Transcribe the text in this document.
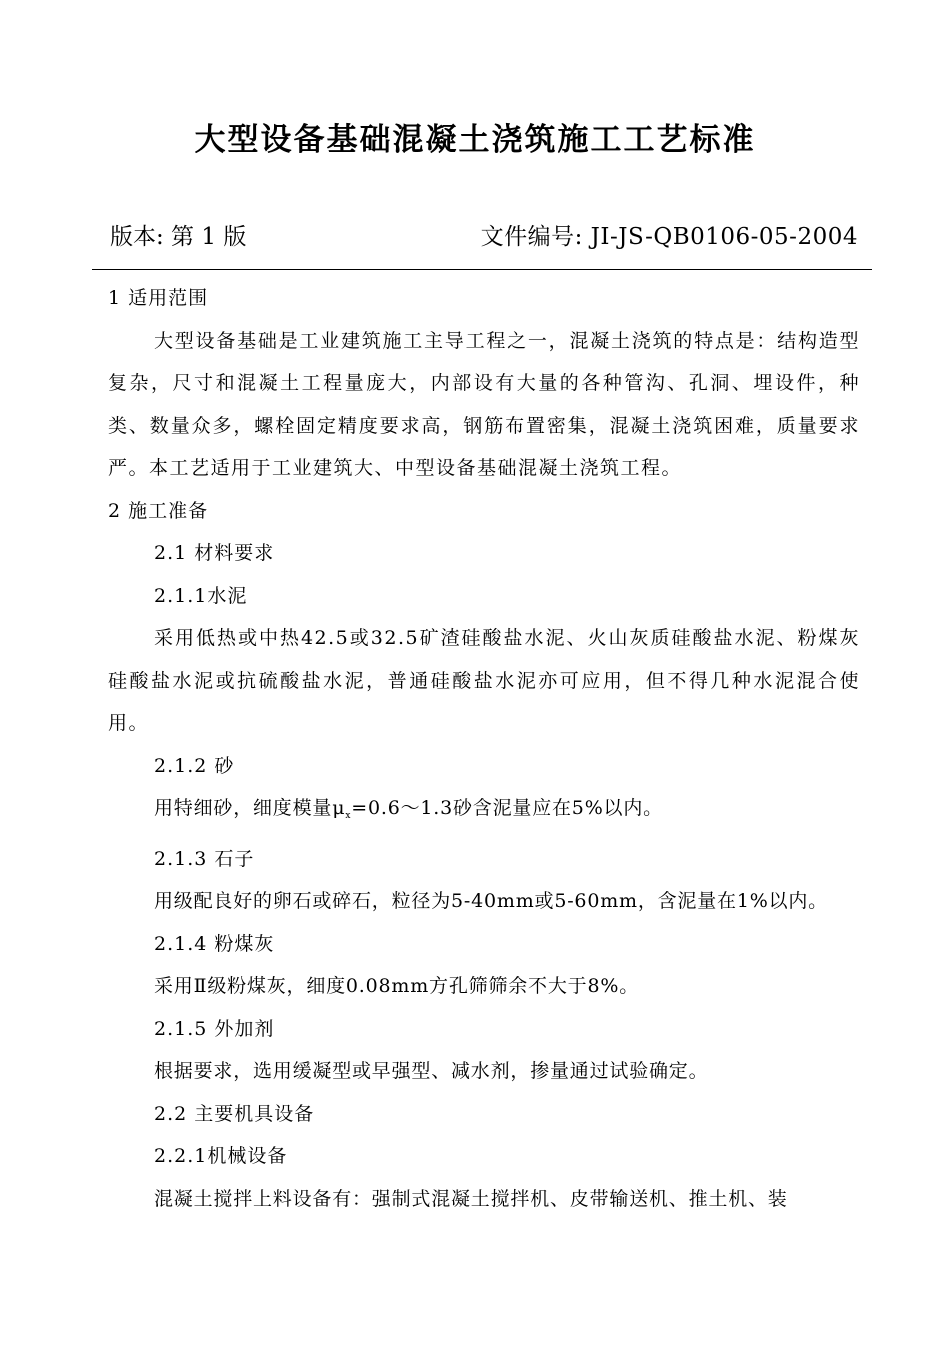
大型设备基础混凝土浇筑施工工艺标准
版本: 第 1 版	文件编号: JI-JS-QB0106-05-2004

1 适用范围

大型设备基础是工业建筑施工主导工程之一，混凝土浇筑的特点是：结构造型复杂，尺寸和混凝土工程量庞大，内部设有大量的各种管沟、孔洞、埋设件，种类、数量众多，螺栓固定精度要求高，钢筋布置密集，混凝土浇筑困难，质量要求严。本工艺适用于工业建筑大、中型设备基础混凝土浇筑工程。

2 施工准备

2.1 材料要求

2.1.1水泥

采用低热或中热42.5或32.5矿渣硅酸盐水泥、火山灰质硅酸盐水泥、粉煤灰硅酸盐水泥或抗硫酸盐水泥，普通硅酸盐水泥亦可应用，但不得几种水泥混合使用。

2.1.2 砂

用特细砂，细度模量$\mu_x=0.6\sim 1.3$砂含泥量应在5%以内。

2.1.3 石子

用级配良好的卵石或碎石，粒径为5-40mm或5-60mm，含泥量在1%以内。

2.1.4 粉煤灰

采用Ⅱ级粉煤灰，细度0.08mm方孔筛筛余不大于8%。

2.1.5 外加剂

根据要求，选用缓凝型或早强型、减水剂，掺量通过试验确定。

2.2 主要机具设备

2.2.1机械设备

混凝土搅拌上料设备有：强制式混凝土搅拌机、皮带输送机、推土机、装
